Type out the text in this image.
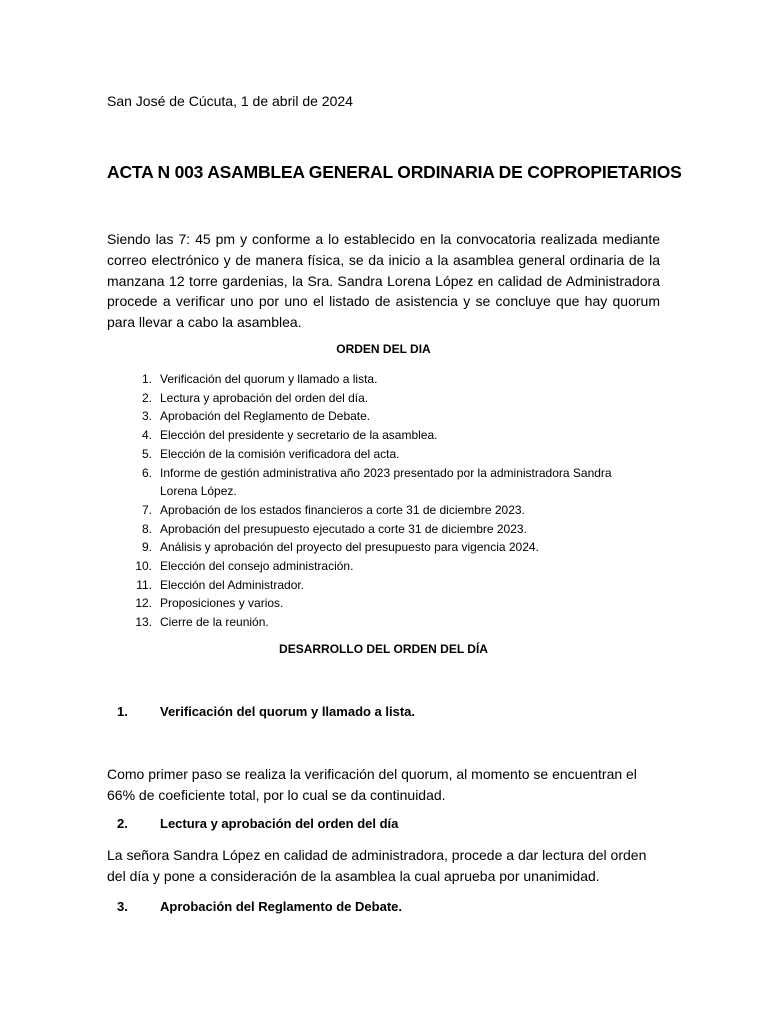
San José de Cúcuta, 1 de abril de 2024
ACTA N 003 ASAMBLEA GENERAL ORDINARIA DE COPROPIETARIOS

Siendo las 7: 45 pm y conforme a lo establecido en la convocatoria realizada mediante correo electrónico y de manera física, se da inicio a la asamblea general ordinaria de la manzana 12 torre gardenias, la Sra. Sandra Lorena López en calidad de Administradora procede a verificar uno por uno el listado de asistencia y se concluye que hay quorum para llevar a cabo la asamblea.

ORDEN DEL DIA
1. Verificación del quorum y llamado a lista.
2. Lectura y aprobación del orden del día.
3. Aprobación del Reglamento de Debate.
4. Elección del presidente y secretario de la asamblea.
5. Elección de la comisión verificadora del acta.
6. Informe de gestión administrativa año 2023 presentado por la administradora Sandra Lorena López.
7. Aprobación de los estados financieros a corte 31 de diciembre 2023.
8. Aprobación del presupuesto ejecutado a corte 31 de diciembre 2023.
9. Análisis y aprobación del proyecto del presupuesto para vigencia 2024.
10. Elección del consejo administración.
11. Elección del Administrador.
12. Proposiciones y varios.
13. Cierre de la reunión.
DESARROLLO DEL ORDEN DEL DÍA
1. Verificación del quorum y llamado a lista.

Como primer paso se realiza la verificación del quorum, al momento se encuentran el 66% de coeficiente total, por lo cual se da continuidad.

2. Lectura y aprobación del orden del día

La señora Sandra López en calidad de administradora, procede a dar lectura del orden del día y pone a consideración de la asamblea la cual aprueba por unanimidad.

3. Aprobación del Reglamento de Debate.
